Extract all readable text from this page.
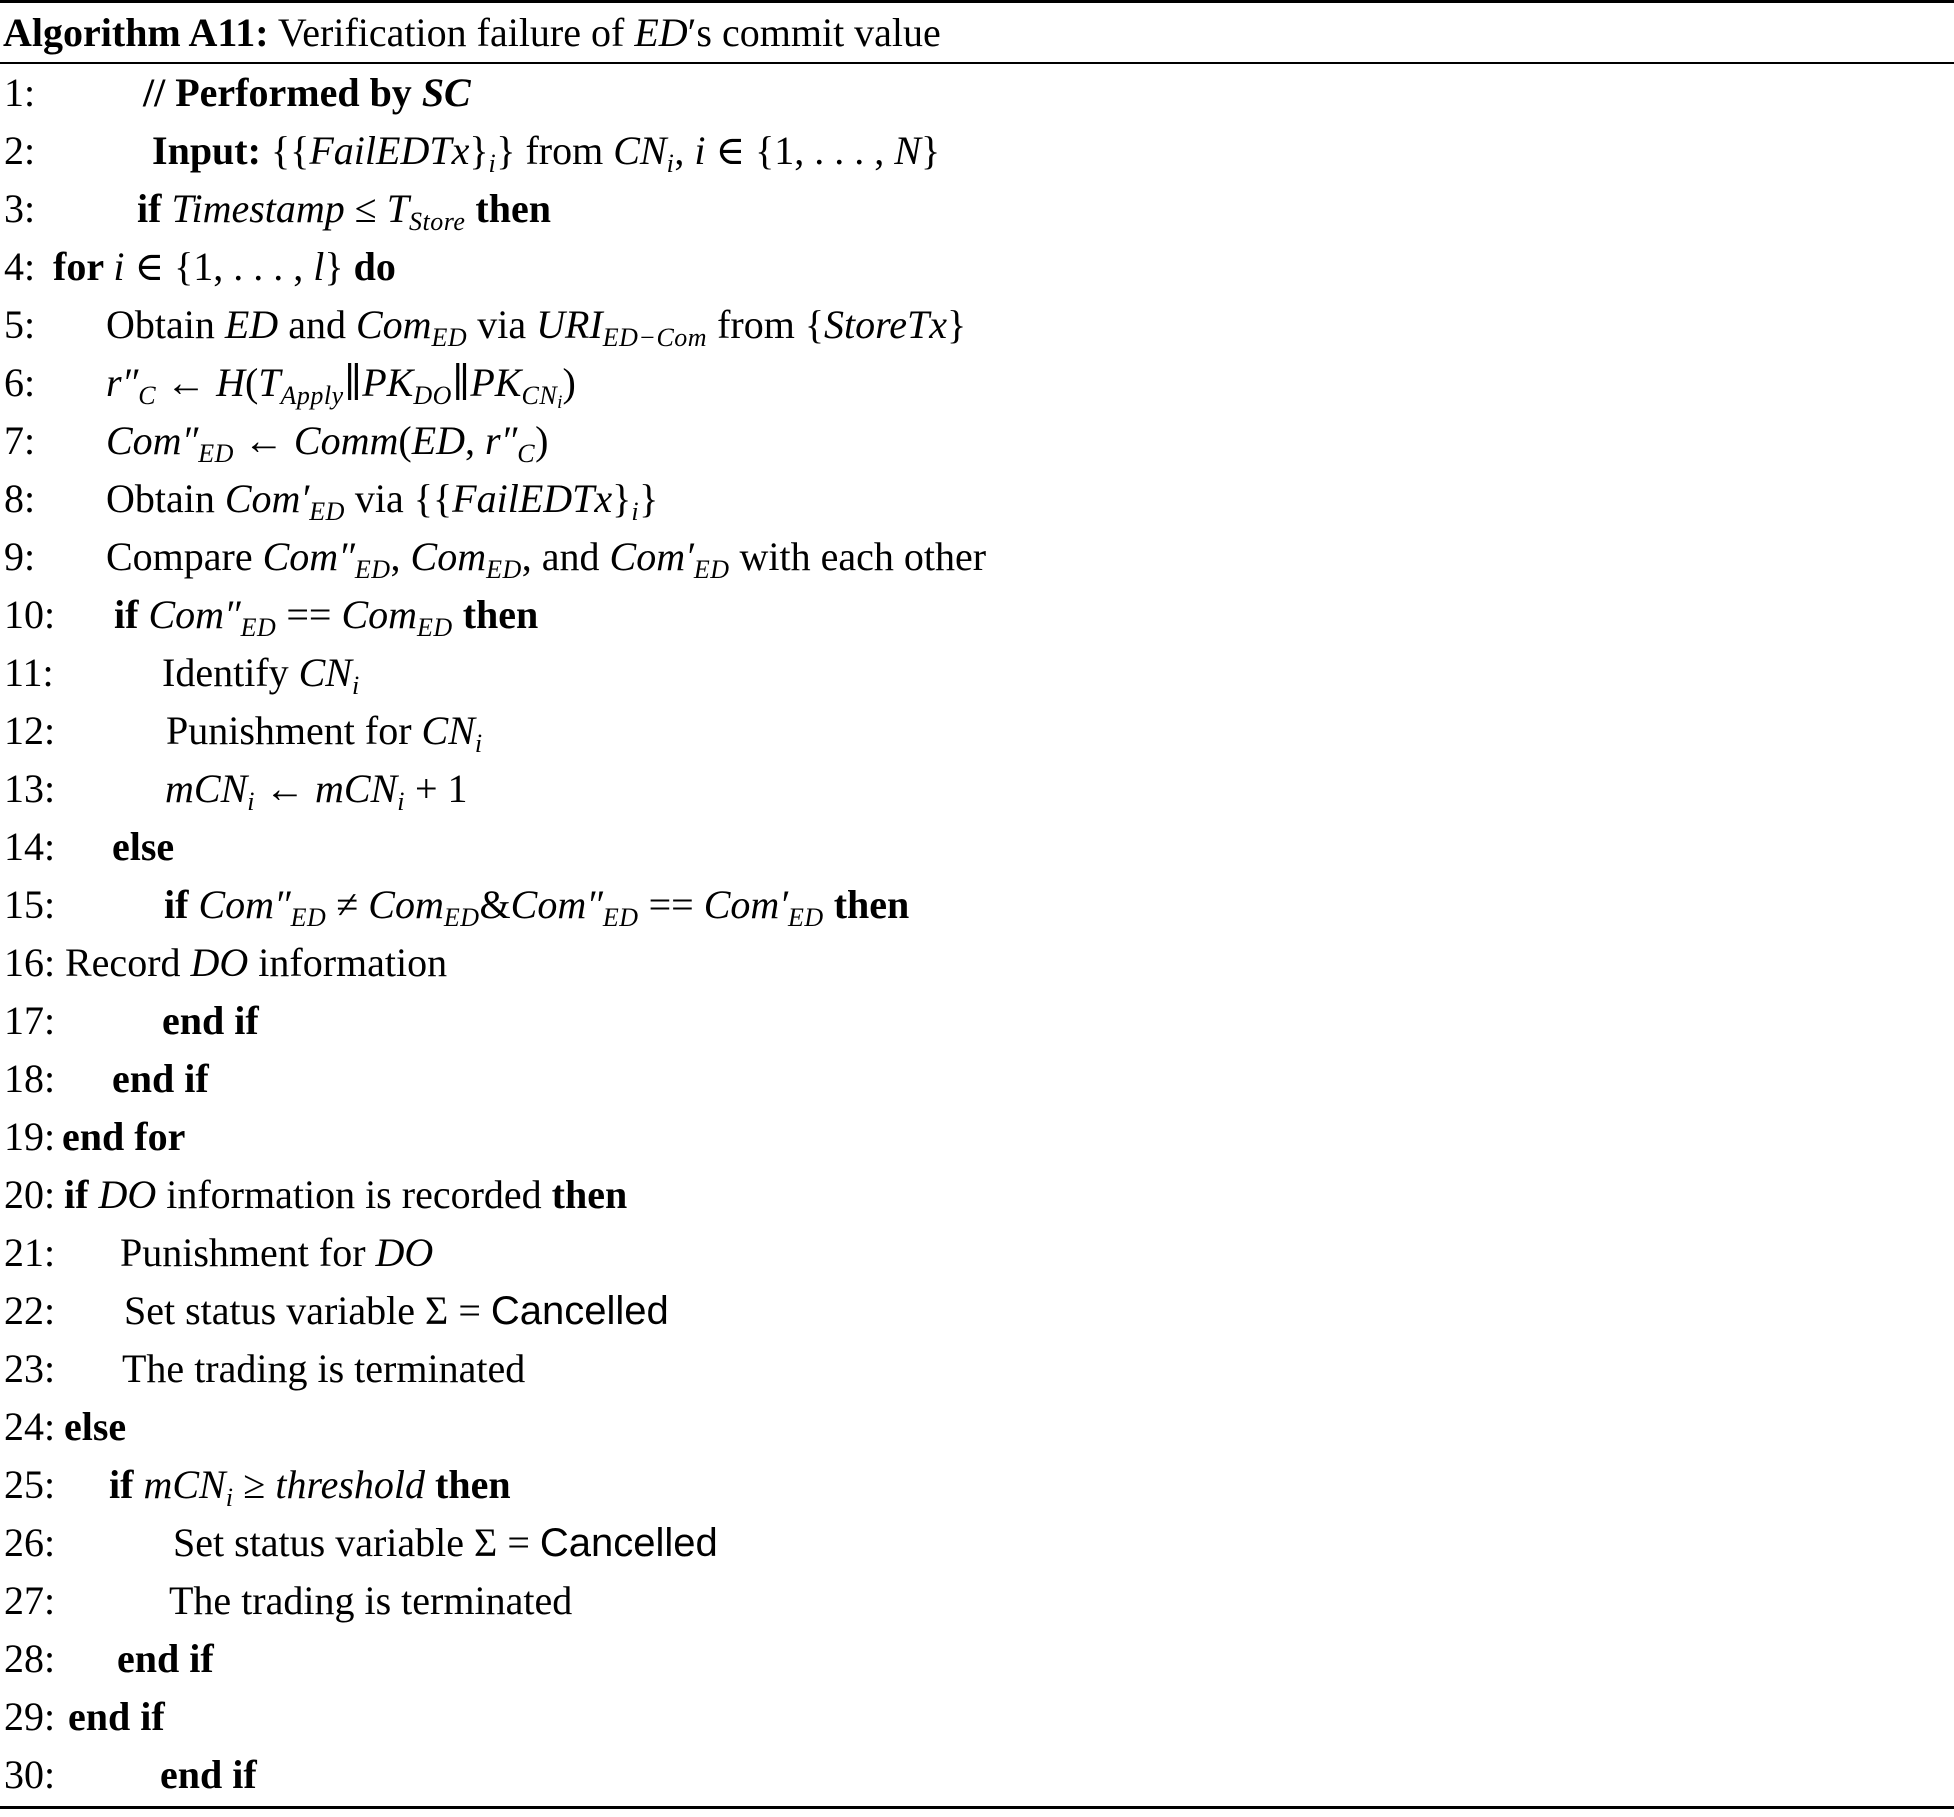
Algorithm A11: Verification failure of ED′s commit value
1:	// Performed by SC
2:	Input: $\{\{FailEDTx\}_i\}$ from $CN_i$, i ∈ {1, . . . , N}
3:	if Timestamp ≤ $T_{Store}$ then
4: for i ∈ {1, . . . , l} do
5: Obtain ED and Com$_{ED}$ via $URI_{ED-Com}$ from {StoreTx}
6: $r''_C$ ← $H(T_{Apply}\parallel PK_{DO}\parallel PK_{CNi})$
7: $Com''_{ED}$ ← Comm(ED, $r''_C$)
8: Obtain $Com'_{ED}$ via $\{\{FailEDTx\}_i\}$
9: Compare $Com''_{ED}$, Com$_{ED}$, and $Com'_{ED}$ with each other
10: if $Com''_{ED} == Com_{ED}$ then
11:	Identify $CN_i$
12:	Punishment for $CN_i$
13:	mCN$_i$ ← mCN$_i$ + 1
14: else
15:	if $Com''_{ED}$ ≠ $Com_{ED}\&Com''_{ED} == Com'_{ED}$ then
16: Record DO information
17:	end if
18: end if
19: end for
20: if DO information is recorded then
21: Punishment for DO
22: Set status variable Σ = Cancelled
23: The trading is terminated
24: else
25: if mCN$_i$ ≥ threshold then
26:	Set status variable Σ = Cancelled
27:	The trading is terminated
28: end if
29: end if
30:	end if
